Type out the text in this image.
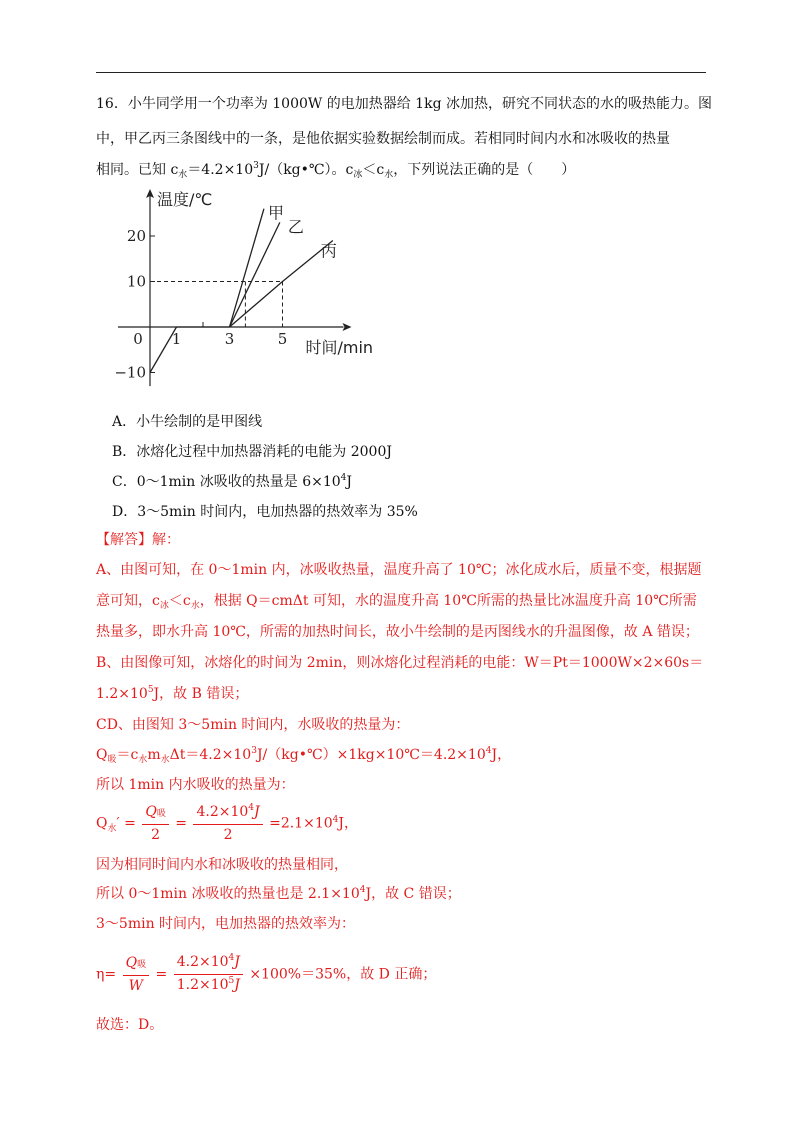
16．小牛同学用一个功率为 1000W 的电加热器给 1kg 冰加热，研究不同状态的水的吸热能力。图
中，甲乙丙三条图线中的一条，是他依据实验数据绘制而成。若相同时间内水和冰吸收的热量
相同。已知 $c_水=4.2\times 10^3J/(kg•℃)$。$c_冰<c_水$，下列说法正确的是（　　）
甲
乙
丙
温度/℃
时间/min
20
10
−10
0 1	3	5
A．小牛绘制的是甲图线
B．冰熔化过程中加热器消耗的电能为 2000J
C．0～1min 冰吸收的热量是 $6\times 10^4J$
D．3～5min 时间内，电加热器的热效率为 35%
【解答】解：
A、由图可知，在 0～1min 内，冰吸收热量，温度升高了 10℃；冰化成水后，质量不变，根据题
意可知，$c_冰<c_水$，根据 Q＝cmΔt 可知，水的温度升高 10℃所需的热量比冰温度升高 10℃所需
热量多，即水升高 10℃，所需的加热时间长，故小牛绘制的是丙图线水的升温图像，故 A 错误；
B、由图像可知，冰熔化的时间为 2min，则冰熔化过程消耗的电能：W＝Pt＝1000W×2×60s＝
$1.2\times 10^5J$，故 B 错误；
CD、由图知 3～5min 时间内，水吸收的热量为：
$Q_吸=c_水m_水\Delta t=4.2\times 10^3J/(kg•℃)\times 1kg\times 10℃=4.2\times 10^4J$，
所以 1min 内水吸收的热量为：
$Q_水' = \frac{\text{Q吸}}{2} = \frac{4.2\times 10^4J}{2} =2.1\times 10^4J$，
因为相同时间内水和冰吸收的热量相同，
所以 0～1min 冰吸收的热量也是 $2.1\times 10^4J$，故 C 错误；
3～5min 时间内，电加热器的热效率为：
$\eta= \frac{\text{Q吸}}{W} = \frac{4.2\times 10^4J}{1.2\times 10^5J} \times 100\%=35\%$，故 D 正确；
故选：D。
